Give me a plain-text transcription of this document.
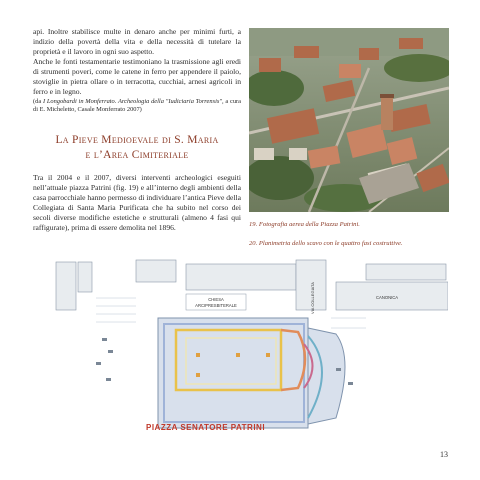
api. Inoltre stabilisce multe in denaro anche per minimi furti, a indizio della povertà della vita e della necessità di tutelare la proprietà e il lavoro in ogni suo aspetto.

Anche le fonti testamentarie testimoniano la trasmissione agli eredi di strumenti poveri, come le catene in ferro per appendere il paiolo, stoviglie in pietra ollare o in terracotta, cucchiai, arnesi agricoli in ferro e in legno.

(da I Longobardi in Monferrato. Archeologia della "Iudiciaria Torrensis", a cura di E. Micheletto, Casale Monferrato 2007)

La Pieve Medioevale di S. Maria
e l’Area Cimiteriale

Tra il 2004 e il 2007, diversi interventi archeologici eseguiti nell’attuale piazza Patrini (fig. 19) e all’interno degli ambienti della casa parrocchiale hanno permesso di individuare l’antica Pieve della Collegiata di Santa Maria Purificata che ha subito nel corso dei secoli diverse modifiche estetiche e strutturali (almeno 4 fasi qui raffigurate), prima di essere demolita nel 1896.	19. Fotografia aerea della Piazza Patrini.
20. Planimetria dello scavo con le quattro fasi costruttive.
CHIESA
ARCIPRESBITERALE	VIA COLLEGIATA	CANONICA
PIAZZA SENATORE PATRINI
13
